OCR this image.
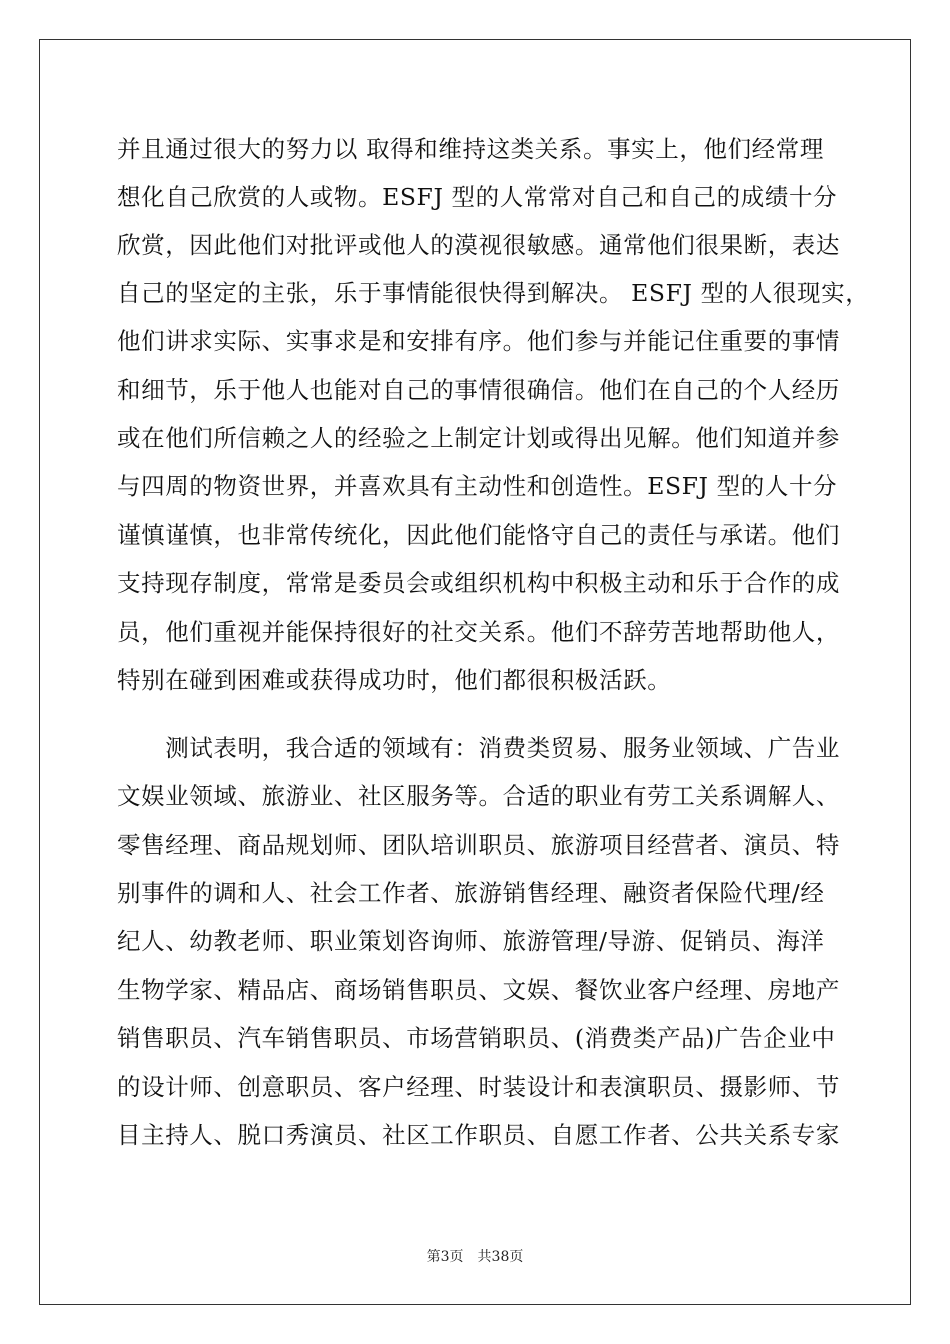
并且通过很大的努力以 取得和维持这类关系。事实上，他们经常理
想化自己欣赏的人或物。ESFJ 型的人常常对自己和自己的成绩十分
欣赏，因此他们对批评或他人的漠视很敏感。通常他们很果断，表达
自己的坚定的主张，乐于事情能很快得到解决。 ESFJ 型的人很现实，
他们讲求实际、实事求是和安排有序。他们参与并能记住重要的事情
和细节，乐于他人也能对自己的事情很确信。他们在自己的个人经历
或在他们所信赖之人的经验之上制定计划或得出见解。他们知道并参
与四周的物资世界，并喜欢具有主动性和创造性。ESFJ 型的人十分
谨慎谨慎，也非常传统化，因此他们能恪守自己的责任与承诺。他们
支持现存制度，常常是委员会或组织机构中积极主动和乐于合作的成
员，他们重视并能保持很好的社交关系。他们不辞劳苦地帮助他人，
特别在碰到困难或获得成功时，他们都很积极活跃。
　　测试表明，我合适的领域有：消费类贸易、服务业领域、广告业
文娱业领域、旅游业、社区服务等。合适的职业有劳工关系调解人、
零售经理、商品规划师、团队培训职员、旅游项目经营者、演员、特
别事件的调和人、社会工作者、旅游销售经理、融资者保险代理/经
纪人、幼教老师、职业策划咨询师、旅游管理/导游、促销员、海洋
生物学家、精品店、商场销售职员、文娱、餐饮业客户经理、房地产
销售职员、汽车销售职员、市场营销职员、(消费类产品)广告企业中
的设计师、创意职员、客户经理、时装设计和表演职员、摄影师、节
目主持人、脱口秀演员、社区工作职员、自愿工作者、公共关系专家
第3页 共38页
